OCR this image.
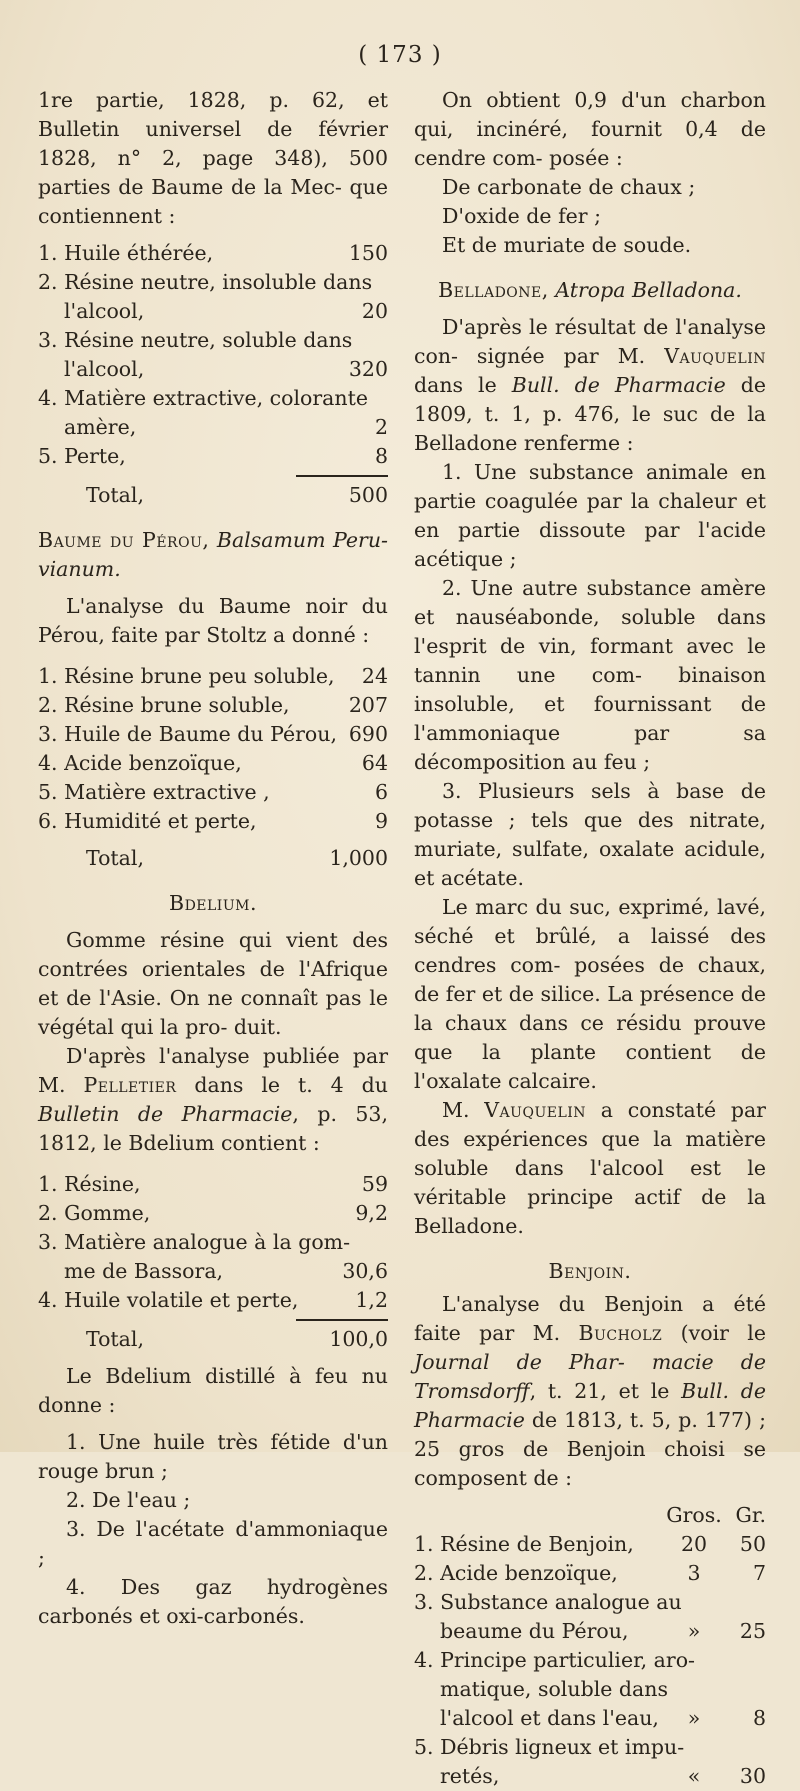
( 173 )

1re partie, 1828, p. 62, et Bulletin universel de février 1828, n° 2, page 348), 500 parties de Baume de la Mec- que contiennent :

1. Huile éthérée,	150
2. Résine neutre, insoluble dans
l'alcool,	20
3. Résine neutre, soluble dans
l'alcool,	320
4. Matière extractive, colorante
amère,	2
5. Perte,	8
Total,	500

Baume du Pérou, Balsamum Peru- vianum.

L'analyse du Baume noir du Pérou, faite par Stoltz a donné :

1. Résine brune peu soluble,	24
2. Résine brune soluble,	207
3. Huile de Baume du Pérou, 690
4. Acide benzoïque,	64
5. Matière extractive ,	6
6. Humidité et perte,	9
Total,	1,000

Bdelium.

Gomme résine qui vient des contrées orientales de l'Afrique et de l'Asie. On ne connaît pas le végétal qui la pro- duit.

D'après l'analyse publiée par M. Pelletier dans le t. 4 du Bulletin de Pharmacie, p. 53, 1812, le Bdelium contient :

1. Résine,	59
2. Gomme,	9,2
3. Matière analogue à la gom-
me de Bassora,	30,6
4. Huile volatile et perte,	1,2
Total,	100,0

Le Bdelium distillé à feu nu donne :

1. Une huile très fétide d'un rouge brun ;

2. De l'eau ;

3. De l'acétate d'ammoniaque ;

4. Des gaz hydrogènes carbonés et oxi-carbonés.

On obtient 0,9 d'un charbon qui, incinéré, fournit 0,4 de cendre com- posée :

De carbonate de chaux ;

D'oxide de fer ;

Et de muriate de soude.

Belladone, Atropa Belladona.

D'après le résultat de l'analyse con- signée par M. Vauquelin dans le Bull. de Pharmacie de 1809, t. 1, p. 476, le suc de la Belladone renferme :

1. Une substance animale en partie coagulée par la chaleur et en partie dissoute par l'acide acétique ;

2. Une autre substance amère et nauséabonde, soluble dans l'esprit de vin, formant avec le tannin une com- binaison insoluble, et fournissant de l'ammoniaque par sa décomposition au feu ;

3. Plusieurs sels à base de potasse ; tels que des nitrate, muriate, sulfate, oxalate acidule, et acétate.

Le marc du suc, exprimé, lavé, séché et brûlé, a laissé des cendres com- posées de chaux, de fer et de silice. La présence de la chaux dans ce résidu prouve que la plante contient de l'oxalate calcaire.

M. Vauquelin a constaté par des expériences que la matière soluble dans l'alcool est le véritable principe actif de la Belladone.

Benjoin.

L'analyse du Benjoin a été faite par M. Bucholz (voir le Journal de Phar- macie de Tromsdorff, t. 21, et le Bull. de Pharmacie de 1813, t. 5, p. 177) ; 25 gros de Benjoin choisi se composent de :

Gros. Gr.
1. Résine de Benjoin,	20 50
2. Acide benzoïque,	3	7
3. Substance analogue au
beaume du Pérou,	» 25
4. Principe particulier, aro-
matique, soluble dans
l'alcool et dans l'eau,	»	8
5. Débris ligneux et impu-
retés,	« 30
